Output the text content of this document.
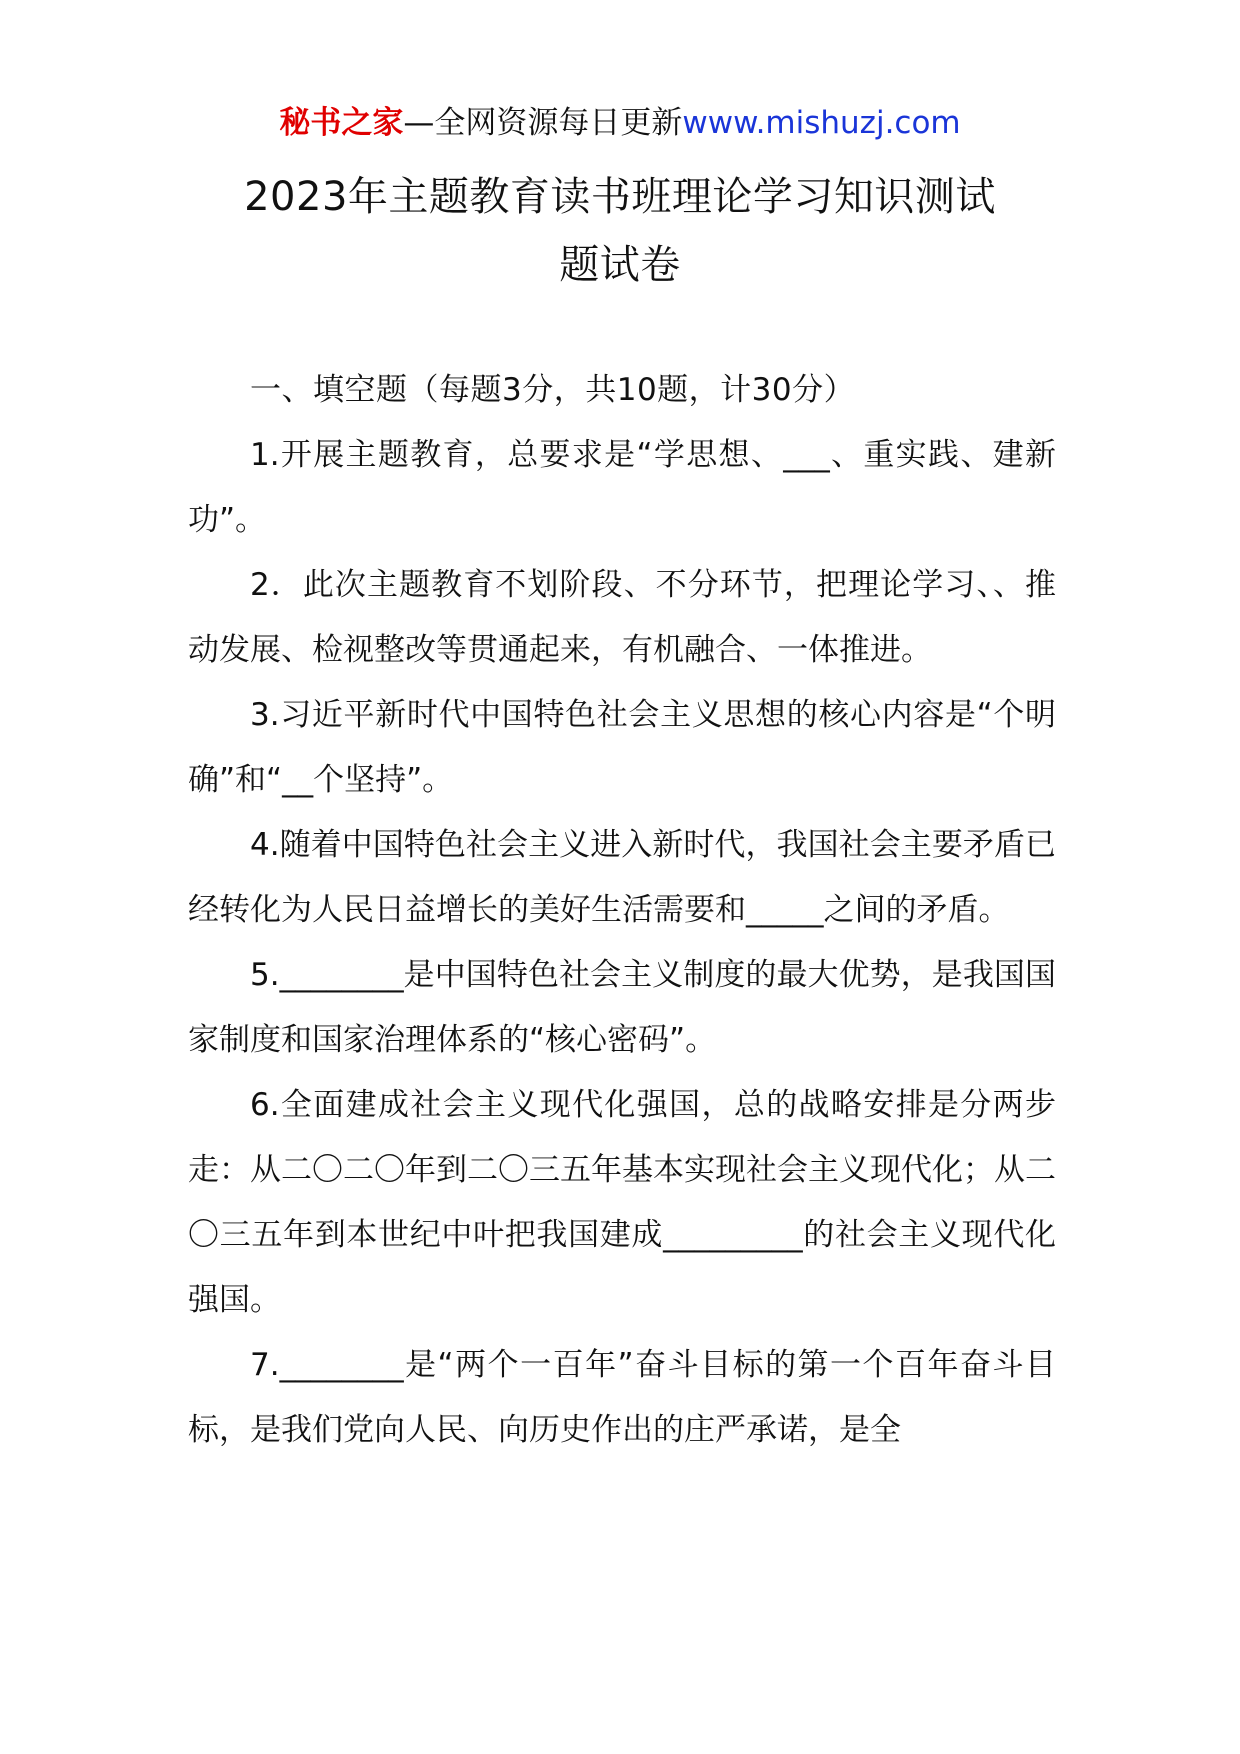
秘书之家—全网资源每日更新www.mishuzj.com
2023年主题教育读书班理论学习知识测试
题试卷

一、填空题（每题3分，共10题，计30分）

1.开展主题教育，总要求是“学思想、___、重实践、建新功”。

2．此次主题教育不划阶段、不分环节，把理论学习、、推动发展、检视整改等贯通起来，有机融合、一体推进。

3.习近平新时代中国特色社会主义思想的核心内容是“个明确”和“__个坚持”。

4.随着中国特色社会主义进入新时代，我国社会主要矛盾已经转化为人民日益增长的美好生活需要和_____之间的矛盾。

5.________是中国特色社会主义制度的最大优势，是我国国家制度和国家治理体系的“核心密码”。

6.全面建成社会主义现代化强国，总的战略安排是分两步走：从二〇二〇年到二〇三五年基本实现社会主义现代化；从二〇三五年到本世纪中叶把我国建成_________的社会主义现代化强国。

7.________是“两个一百年”奋斗目标的第一个百年奋斗目标，是我们党向人民、向历史作出的庄严承诺，是全
